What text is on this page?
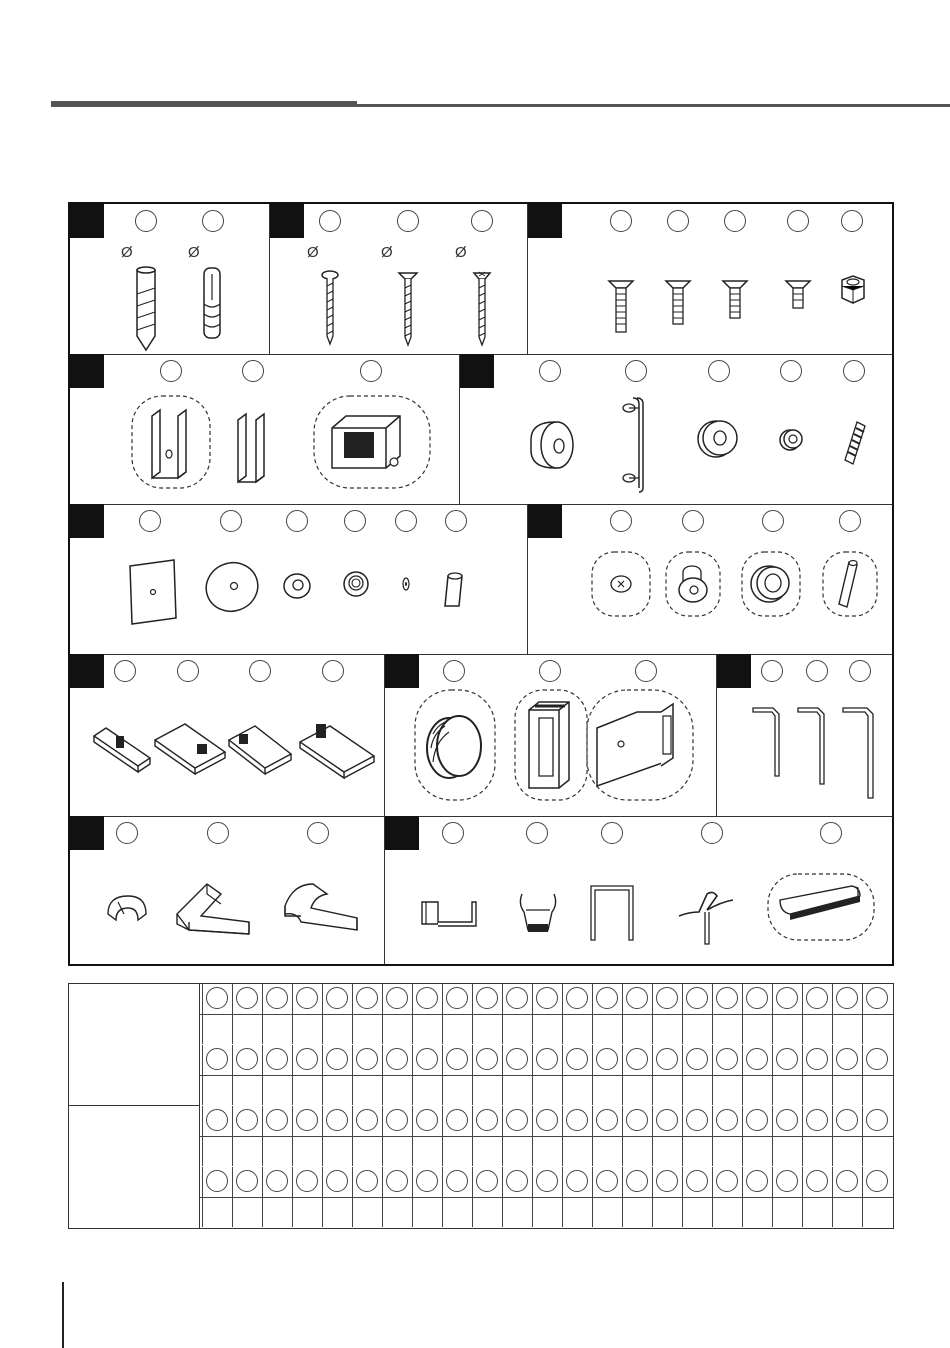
Ø	Ø	Ø	Ø	Ø
